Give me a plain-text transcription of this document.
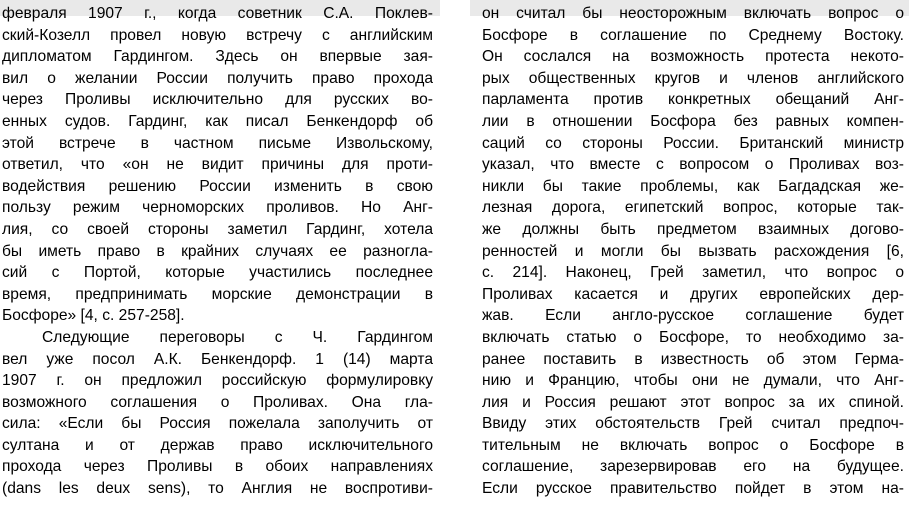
февраля 1907 г., когда советник С.А. Поклев-
ский-Козелл провел новую встречу с английским
дипломатом Гардингом. Здесь он впервые зая-
вил о желании России получить право прохода
через Проливы исключительно для русских во-
енных судов. Гардинг, как писал Бенкендорф об
этой встрече в частном письме Извольскому,
ответил, что «он не видит причины для проти-
водействия решению России изменить в свою
пользу режим черноморских проливов. Но Анг-
лия, со своей стороны заметил Гардинг, хотела
бы иметь право в крайних случаях ее разногла-
сий с Портой, которые участились последнее
время, предпринимать морские демонстрации в
Босфоре» [4, с. 257-258].
Следующие переговоры с Ч. Гардингом
вел уже посол А.К. Бенкендорф. 1 (14) марта
1907 г. он предложил российскую формулировку
возможного соглашения о Проливах. Она гла-
сила: «Если бы Россия пожелала заполучить от
султана и от держав право исключительного
прохода через Проливы в обоих направлениях
(dans les deux sens), то Англия не воспротиви-
он считал бы неосторожным включать вопрос о
Босфоре в соглашение по Среднему Востоку.
Он сослался на возможность протеста некото-
рых общественных кругов и членов английского
парламента против конкретных обещаний Анг-
лии в отношении Босфора без равных компен-
саций со стороны России. Британский министр
указал, что вместе с вопросом о Проливах воз-
никли бы такие проблемы, как Багдадская же-
лезная дорога, египетский вопрос, которые так-
же должны быть предметом взаимных догово-
ренностей и могли бы вызвать расхождения [6,
с. 214]. Наконец, Грей заметил, что вопрос о
Проливах касается и других европейских дер-
жав. Если англо-русское соглашение будет
включать статью о Босфоре, то необходимо за-
ранее поставить в известность об этом Герма-
нию и Францию, чтобы они не думали, что Анг-
лия и Россия решают этот вопрос за их спиной.
Ввиду этих обстоятельств Грей считал предпоч-
тительным не включать вопрос о Босфоре в
соглашение, зарезервировав его на будущее.
Если русское правительство пойдет в этом на-
